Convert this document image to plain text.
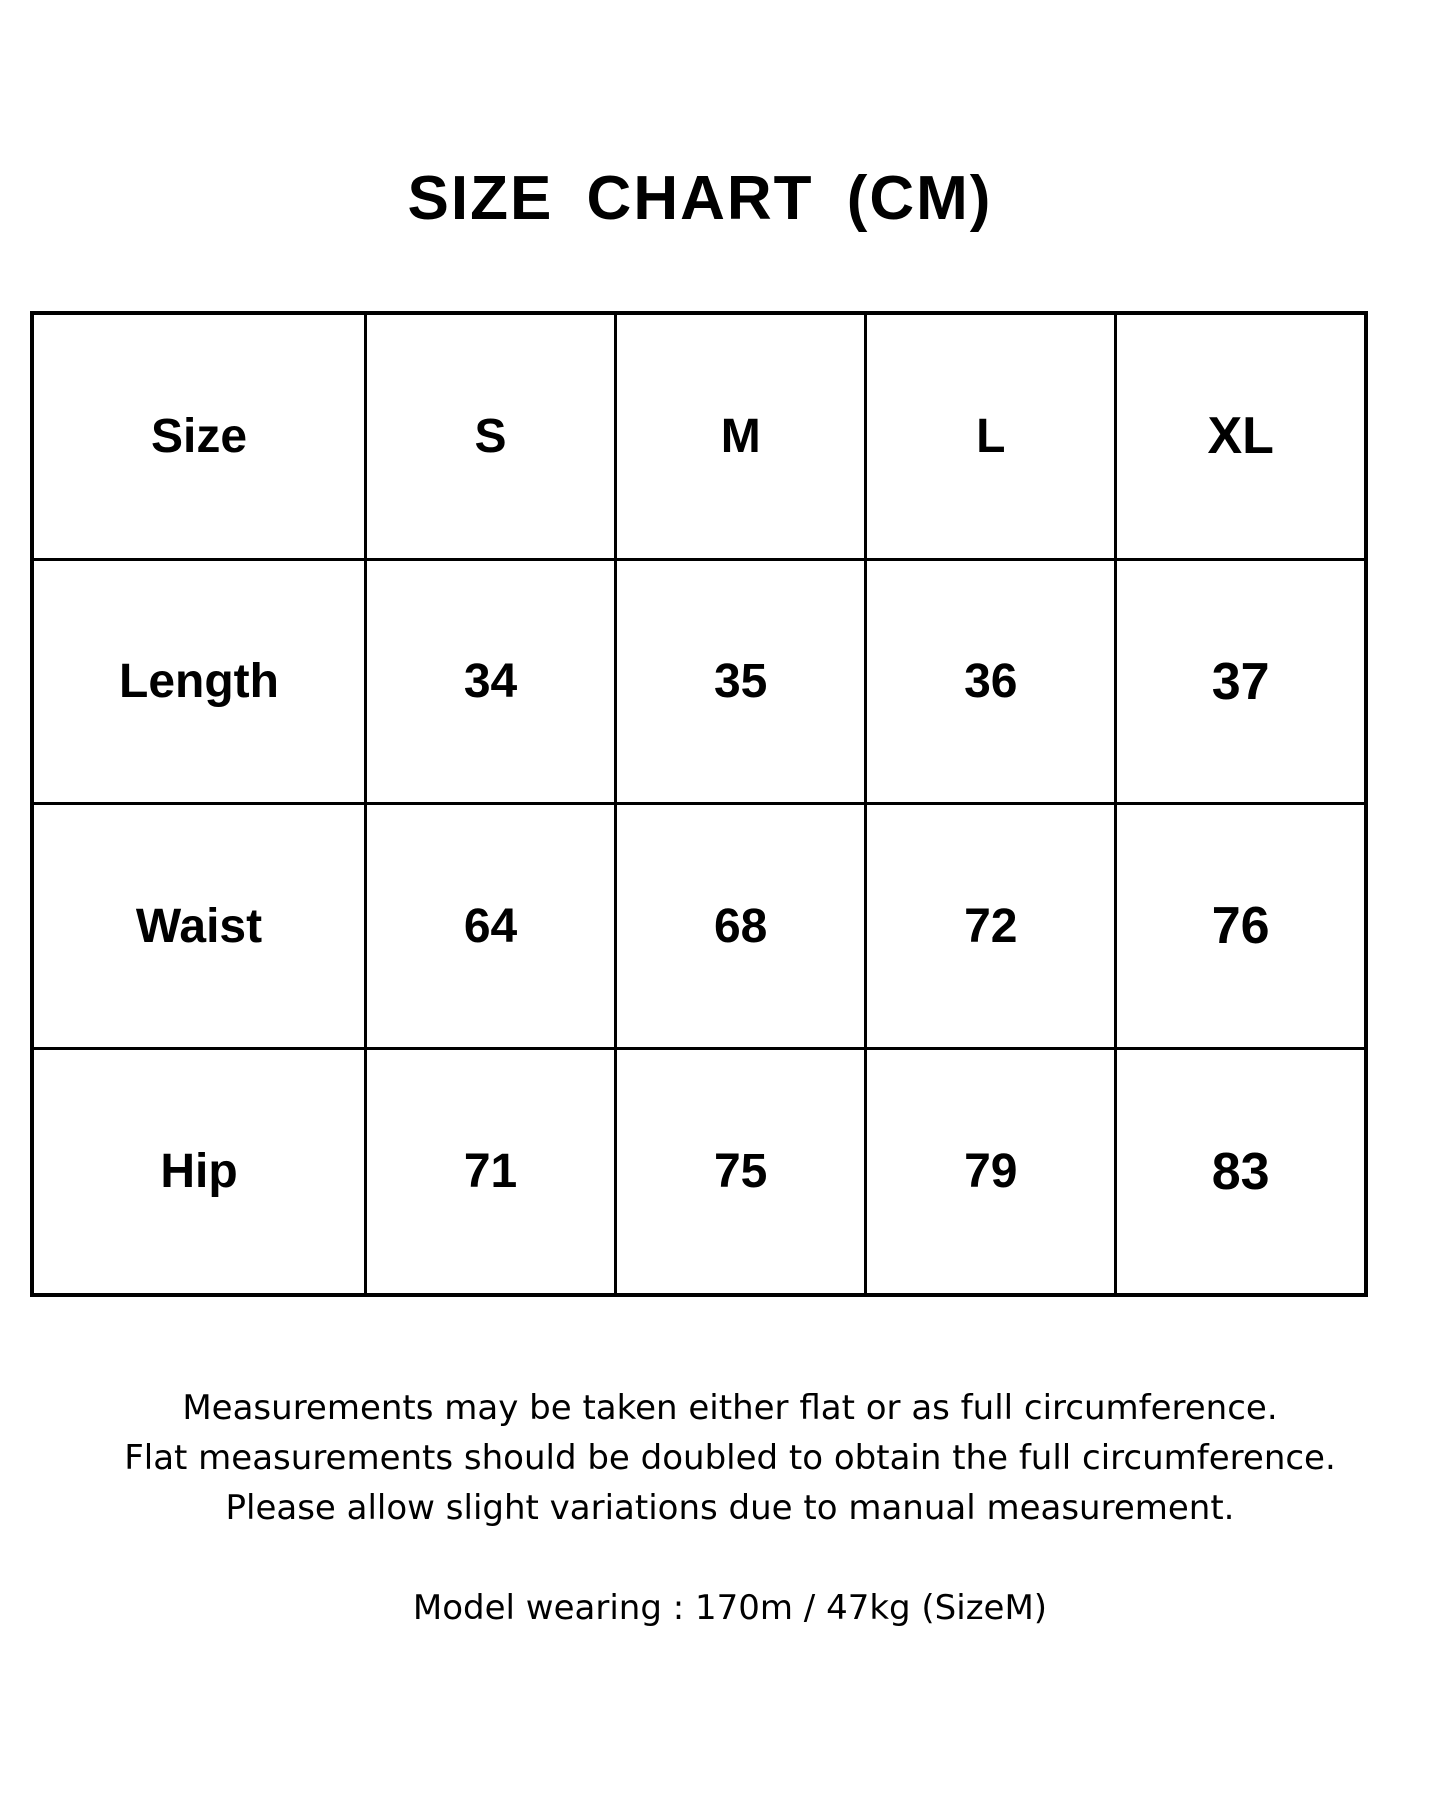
SIZE CHART (CM)
Size	S	M	L	XL
Length	34	35	36	37
Waist	64	68	72	76
Hip	71	75	79	83

Measurements may be taken either flat or as full circumference.

Flat measurements should be doubled to obtain the full circumference.

Please allow slight variations due to manual measurement.

Model wearing : 170m / 47kg (SizeM)
